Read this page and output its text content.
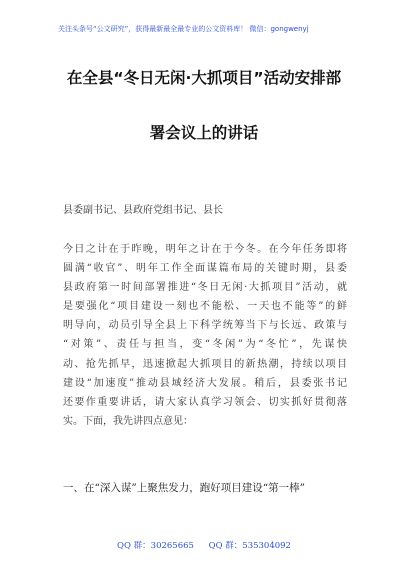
关注头条号“公文研究”，获得最新最全最专业的公文资料库！ 微信：gongwenyj
在全县“冬日无闲·大抓项目”活动安排部
署会议上的讲话
县委副书记、县政府党组书记、县长
今日之计在于昨晚，明年之计在于今冬。在今年任务即将
圆满“收官”、明年工作全面谋篇布局的关键时期，县委
县政府第一时间部署推进“冬日无闲·大抓项目”活动，就
是要强化“项目建设一刻也不能松、一天也不能等”的鲜
明导向，动员引导全县上下科学统筹当下与长远、政策与
“对策”、责任与担当，变“冬闲”为“冬忙”，先谋快
动、抢先抓早，迅速掀起大抓项目的新热潮，持续以项目
建设“加速度”推动县域经济大发展。稍后，县委张书记
还要作重要讲话，请大家认真学习领会、切实抓好贯彻落
实。下面，我先讲四点意见：
一、在“深入谋”上聚焦发力，跑好项目建设“第一棒”
QQ 群：30265665 QQ 群：535304092
